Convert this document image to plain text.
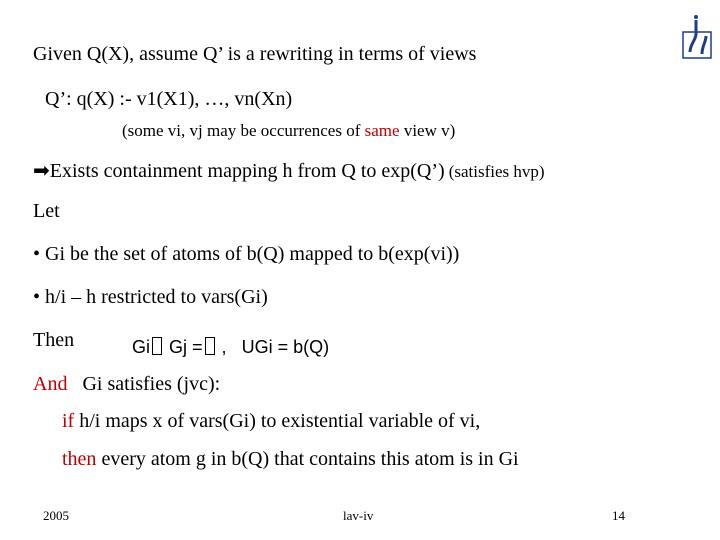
Given Q(X), assume Q’ is a rewriting in terms of views
Q’: q(X) :- v1(X1), …, vn(Xn)
(some vi, vj may be occurrences of same view v)
➡Exists containment mapping h from Q to exp(Q’) (satisfies hvp)
Let
• Gi be the set of atoms of b(Q) mapped to b(exp(vi))
• h/i – h restricted to vars(Gi)
Then	Gi Gj = , UGi = b(Q)
And Gi satisfies (jvc):
if h/i maps x of vars(Gi) to existential variable of vi,
then every atom g in b(Q) that contains this atom is in Gi
2005	lav-iv	14
